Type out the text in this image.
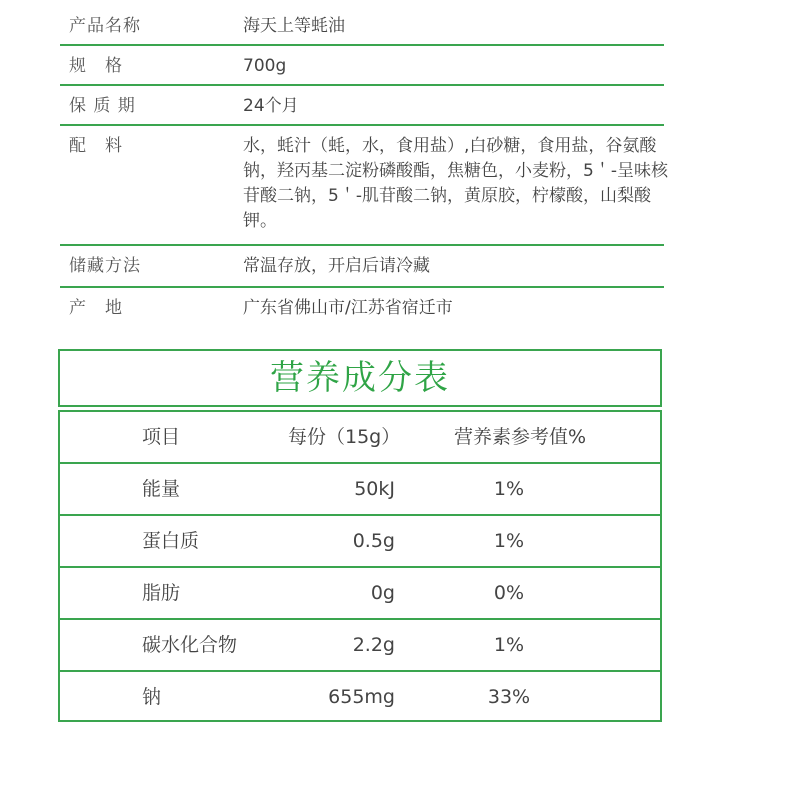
产品名称	海天上等蚝油
规　格	700g
保 质 期	24个月
配　料	水，蚝汁（蚝，水，食用盐）,白砂糖，食用盐，谷氨酸钠，羟丙基二淀粉磷酸酯，焦糖色，小麦粉，5＇-呈味核苷酸二钠，5＇-肌苷酸二钠，黄原胶，柠檬酸，山梨酸钾。
储藏方法	常温存放，开启后请冷藏
产　地	广东省佛山市/江苏省宿迁市
营养成分表
项目	每份（15g）	营养素参考值%
能量	50kJ	1%
蛋白质	0.5g	1%
脂肪	0g	0%
碳水化合物	2.2g	1%
钠	655mg	33%
